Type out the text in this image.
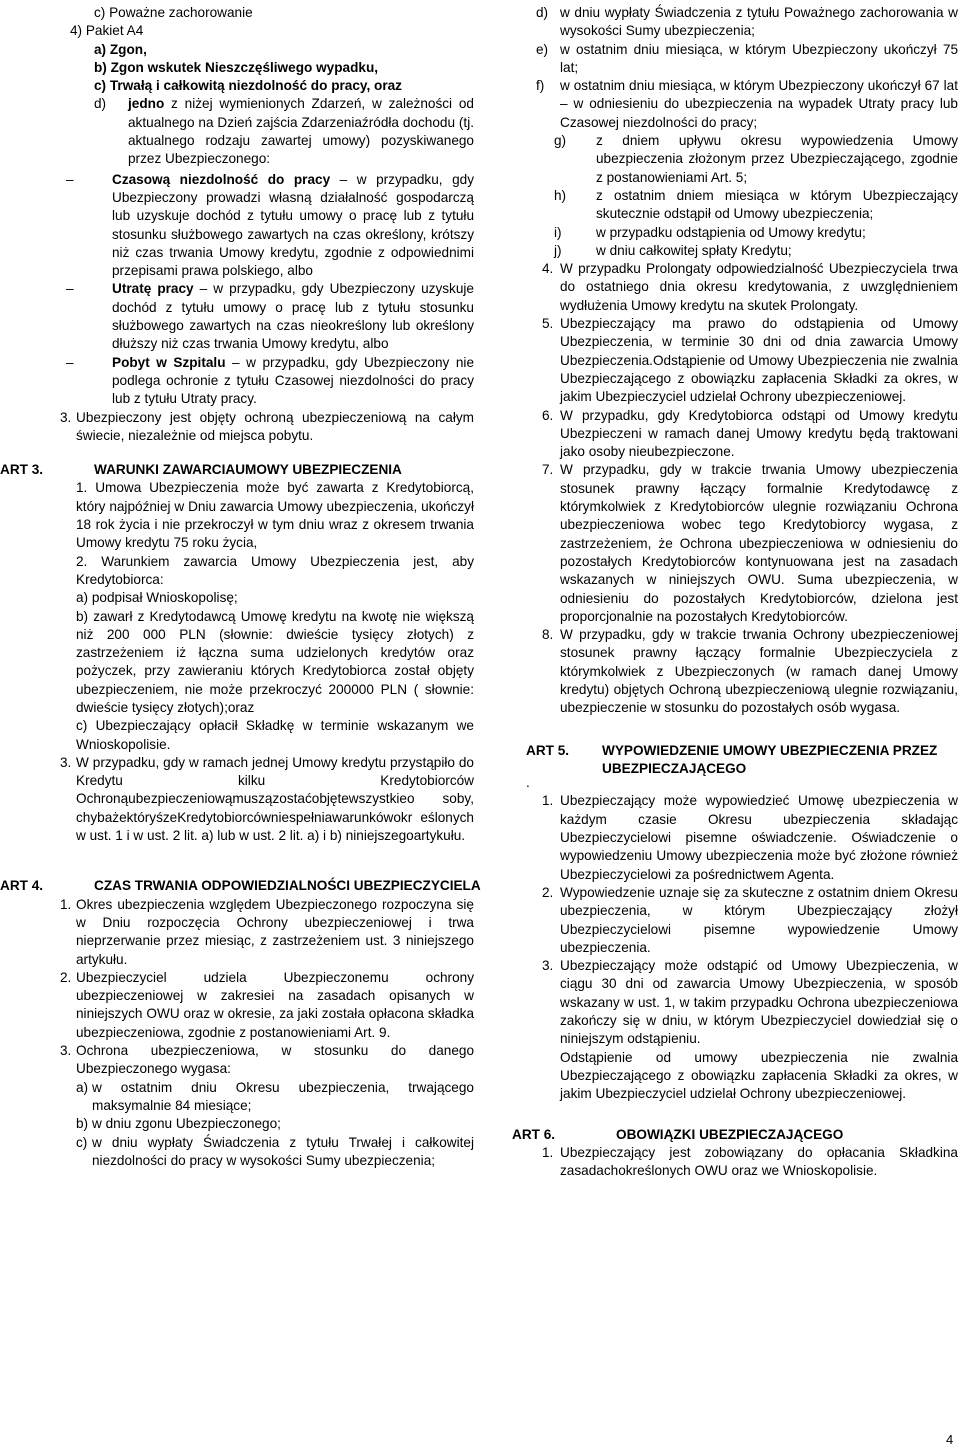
c) Poważne zachorowanie

4) Pakiet A4

a) Zgon,

b) Zgon wskutek Nieszczęśliwego wypadku,

c) Trwałą i całkowitą niezdolność do pracy, oraz

d) jedno z niżej wymienionych Zdarzeń, w zależności od aktualnego na Dzień zajścia Zdarzeniaźródła dochodu (tj. aktualnego rodzaju zawartej umowy) pozyskiwanego przez Ubezpieczonego:

–	Czasową niezdolność do pracy – w przypadku, gdy Ubezpieczony prowadzi własną działalność gospodarczą lub uzyskuje dochód z tytułu umowy o pracę lub z tytułu stosunku służbowego zawartych na czas określony, krótszy niż czas trwania Umowy kredytu, zgodnie z odpowiednimi przepisami prawa polskiego, albo

–	Utratę pracy – w przypadku, gdy Ubezpieczony uzyskuje dochód z tytułu umowy o pracę lub z tytułu stosunku służbowego zawartych na czas nieokreślony lub określony dłuższy niż czas trwania Umowy kredytu, albo

–	Pobyt w Szpitalu – w przypadku, gdy Ubezpieczony nie podlega ochronie z tytułu Czasowej niezdolności do pracy lub z tytułu Utraty pracy.

3. Ubezpieczony jest objęty ochroną ubezpieczeniową na całym świecie, niezależnie od miejsca pobytu.

ART 3.	WARUNKI ZAWARCIAUMOWY UBEZPIECZENIA

1. Umowa Ubezpieczenia może być zawarta z Kredytobiorcą, który najpóźniej w Dniu zawarcia Umowy ubezpieczenia, ukończył 18 rok życia i nie przekroczył w tym dniu wraz z okresem trwania Umowy kredytu 75 roku życia,

2. Warunkiem zawarcia Umowy Ubezpieczenia jest, aby Kredytobiorca:

a) podpisał Wnioskopolisę;

b) zawarł z Kredytodawcą Umowę kredytu na kwotę nie większą niż 200 000 PLN (słownie: dwieście tysięcy złotych) z zastrzeżeniem iż łączna suma udzielonych kredytów oraz pożyczek, przy zawieraniu których Kredytobiorca został objęty ubezpieczeniem, nie może przekroczyć 200000 PLN ( słownie: dwieście tysięcy złotych);oraz

c) Ubezpieczający opłacił Składkę w terminie wskazanym we Wnioskopolisie.

3. W przypadku, gdy w ramach jednej Umowy kredytu przystąpiło do Kredytu kilku Kredytobiorców Ochronąubezpieczeniowąmuszązostaćobjętewszystkieo soby, chybażektóryśzeKredytobiorcówniespełniawarunkówokr eślonych w ust. 1 i w ust. 2 lit. a) lub w ust. 2 lit. a) i b) niniejszegoartykułu.

ART 4.	CZAS TRWANIA ODPOWIEDZIALNOŚCI UBEZPIECZYCIELA

1. Okres ubezpieczenia względem Ubezpieczonego rozpoczyna się w Dniu rozpoczęcia Ochrony ubezpieczeniowej i trwa nieprzerwanie przez miesiąc, z zastrzeżeniem ust. 3 niniejszego artykułu.

2. Ubezpieczyciel udziela Ubezpieczonemu ochrony ubezpieczeniowej w zakresiei na zasadach opisanych w niniejszych OWU oraz w okresie, za jaki została opłacona składka ubezpieczeniowa, zgodnie z postanowieniami Art. 9.

3. Ochrona ubezpieczeniowa, w stosunku do danego Ubezpieczonego wygasa:

a) w ostatnim dniu Okresu ubezpieczenia, trwającego maksymalnie 84 miesiące;

b) w dniu zgonu Ubezpieczonego;

c) w dniu wypłaty Świadczenia z tytułu Trwałej i całkowitej niezdolności do pracy w wysokości Sumy ubezpieczenia;

d) w dniu wypłaty Świadczenia z tytułu Poważnego zachorowania w wysokości Sumy ubezpieczenia;

e) w ostatnim dniu miesiąca, w którym Ubezpieczony ukończył 75 lat;

f) w ostatnim dniu miesiąca, w którym Ubezpieczony ukończył 67 lat – w odniesieniu do ubezpieczenia na wypadek Utraty pracy lub Czasowej niezdolności do pracy;

g) z dniem upływu okresu wypowiedzenia Umowy ubezpieczenia złożonym przez Ubezpieczającego, zgodnie z postanowieniami Art. 5;

h) z ostatnim dniem miesiąca w którym Ubezpieczający skutecznie odstąpił od Umowy ubezpieczenia;

i)	w przypadku odstąpienia od Umowy kredytu;

j)	w dniu całkowitej spłaty Kredytu;

4. W przypadku Prolongaty odpowiedzialność Ubezpieczyciela trwa do ostatniego dnia okresu kredytowania, z uwzględnieniem wydłużenia Umowy kredytu na skutek Prolongaty.

5. Ubezpieczający ma prawo do odstąpienia od Umowy Ubezpieczenia, w terminie 30 dni od dnia zawarcia Umowy Ubezpieczenia.Odstąpienie od Umowy Ubezpieczenia nie zwalnia Ubezpieczającego z obowiązku zapłacenia Składki za okres, w jakim Ubezpieczyciel udzielał Ochrony ubezpieczeniowej.

6. W przypadku, gdy Kredytobiorca odstąpi od Umowy kredytu Ubezpieczeni w ramach danej Umowy kredytu będą traktowani jako osoby nieubezpieczone.

7. W przypadku, gdy w trakcie trwania Umowy ubezpieczenia stosunek prawny łączący formalnie Kredytodawcę z którymkolwiek z Kredytobiorców ulegnie rozwiązaniu Ochrona ubezpieczeniowa wobec tego Kredytobiorcy wygasa, z zastrzeżeniem, że Ochrona ubezpieczeniowa w odniesieniu do pozostałych Kredytobiorców kontynuowana jest na zasadach wskazanych w niniejszych OWU. Suma ubezpieczenia, w odniesieniu do pozostałych Kredytobiorców, dzielona jest proporcjonalnie na pozostałych Kredytobiorców.

8. W przypadku, gdy w trakcie trwania Ochrony ubezpieczeniowej stosunek prawny łączący formalnie Ubezpieczyciela z którymkolwiek z Ubezpieczonych (w ramach danej Umowy kredytu) objętych Ochroną ubezpieczeniową ulegnie rozwiązaniu, ubezpieczenie w stosunku do pozostałych osób wygasa.

ART 5. WYPOWIEDZENIE UMOWY UBEZPIECZENIA PRZEZ UBEZPIECZAJĄCEGO

.

1. Ubezpieczający może wypowiedzieć Umowę ubezpieczenia w każdym czasie Okresu ubezpieczenia składając Ubezpieczycielowi pisemne oświadczenie. Oświadczenie o wypowiedzeniu Umowy ubezpieczenia może być złożone również Ubezpieczycielowi za pośrednictwem Agenta.

2. Wypowiedzenie uznaje się za skuteczne z ostatnim dniem Okresu ubezpieczenia, w którym Ubezpieczający złożył Ubezpieczycielowi pisemne wypowiedzenie Umowy ubezpieczenia.

3. Ubezpieczający może odstąpić od Umowy Ubezpieczenia, w ciągu 30 dni od zawarcia Umowy Ubezpieczenia, w sposób wskazany w ust. 1, w takim przypadku Ochrona ubezpieczeniowa zakończy się w dniu, w którym Ubezpieczyciel dowiedział się o niniejszym odstąpieniu.

Odstąpienie od umowy ubezpieczenia nie zwalnia Ubezpieczającego z obowiązku zapłacenia Składki za okres, w jakim Ubezpieczyciel udzielał Ochrony ubezpieczeniowej.

ART 6.	OBOWIĄZKI UBEZPIECZAJĄCEGO

1. Ubezpieczający jest zobowiązany do opłacania Składkina zasadachokreślonych OWU oraz we Wnioskopolisie.

4
